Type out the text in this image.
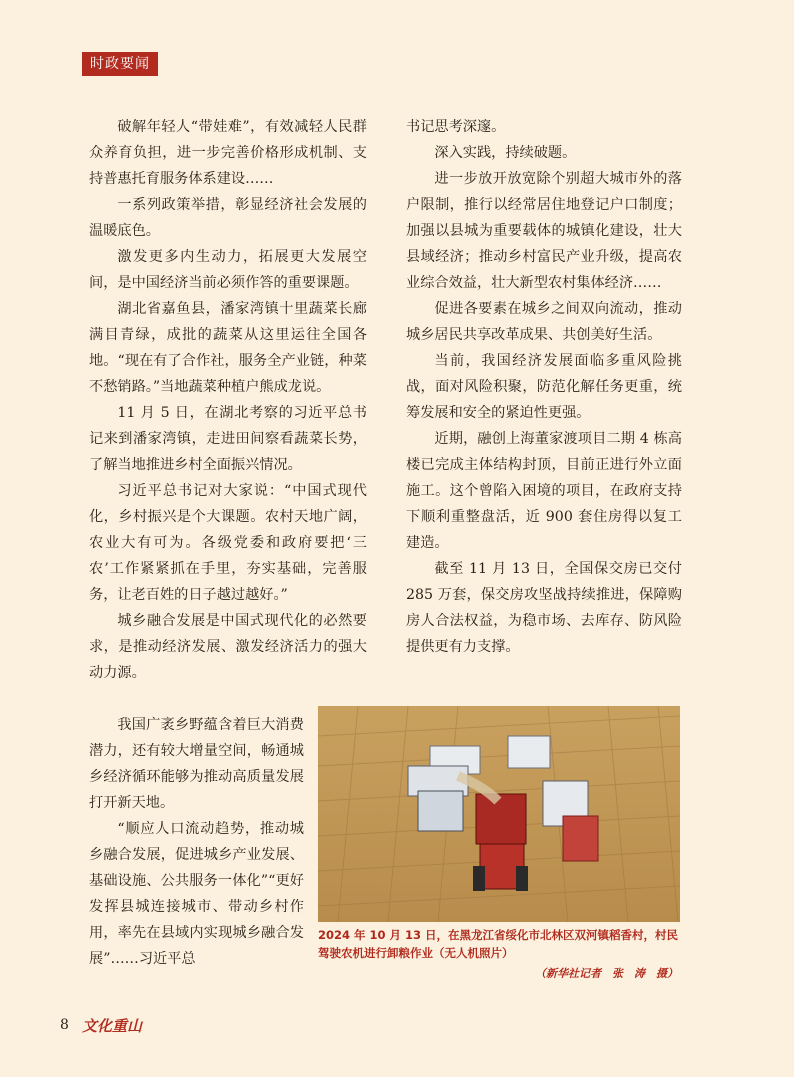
时政要闻

破解年轻人“带娃难”，有效减轻人民群众养育负担，进一步完善价格形成机制、支持普惠托育服务体系建设……

一系列政策举措，彰显经济社会发展的温暖底色。

激发更多内生动力，拓展更大发展空间，是中国经济当前必须作答的重要课题。

湖北省嘉鱼县，潘家湾镇十里蔬菜长廊满目青绿，成批的蔬菜从这里运往全国各地。“现在有了合作社，服务全产业链，种菜不愁销路。”当地蔬菜种植户熊成龙说。

11 月 5 日，在湖北考察的习近平总书记来到潘家湾镇，走进田间察看蔬菜长势，了解当地推进乡村全面振兴情况。

习近平总书记对大家说：“中国式现代化，乡村振兴是个大课题。农村天地广阔，农业大有可为。各级党委和政府要把‘三农’工作紧紧抓在手里，夯实基础，完善服务，让老百姓的日子越过越好。”

城乡融合发展是中国式现代化的必然要求，是推动经济发展、激发经济活力的强大动力源。

我国广袤乡野蕴含着巨大消费潜力，还有较大增量空间，畅通城乡经济循环能够为推动高质量发展打开新天地。

“顺应人口流动趋势，推动城乡融合发展，促进城乡产业发展、基础设施、公共服务一体化”“更好发挥县城连接城市、带动乡村作用，率先在县域内实现城乡融合发展”……习近平总

书记思考深邃。

深入实践，持续破题。

进一步放开放宽除个别超大城市外的落户限制，推行以经常居住地登记户口制度；加强以县城为重要载体的城镇化建设，壮大县域经济；推动乡村富民产业升级，提高农业综合效益，壮大新型农村集体经济……

促进各要素在城乡之间双向流动，推动城乡居民共享改革成果、共创美好生活。

当前，我国经济发展面临多重风险挑战，面对风险积聚，防范化解任务更重，统筹发展和安全的紧迫性更强。

近期，融创上海董家渡项目二期 4 栋高楼已完成主体结构封顶，目前正进行外立面施工。这个曾陷入困境的项目，在政府支持下顺利重整盘活，近 900 套住房得以复工建造。

截至 11 月 13 日，全国保交房已交付 285 万套，保交房攻坚战持续推进，保障购房人合法权益，为稳市场、去库存、防风险提供更有力支撑。

2024 年 10 月 13 日，在黑龙江省绥化市北林区双河镇稻香村，村民驾驶农机进行卸粮作业（无人机照片）
（新华社记者　张　涛　摄）
8 文化重山
